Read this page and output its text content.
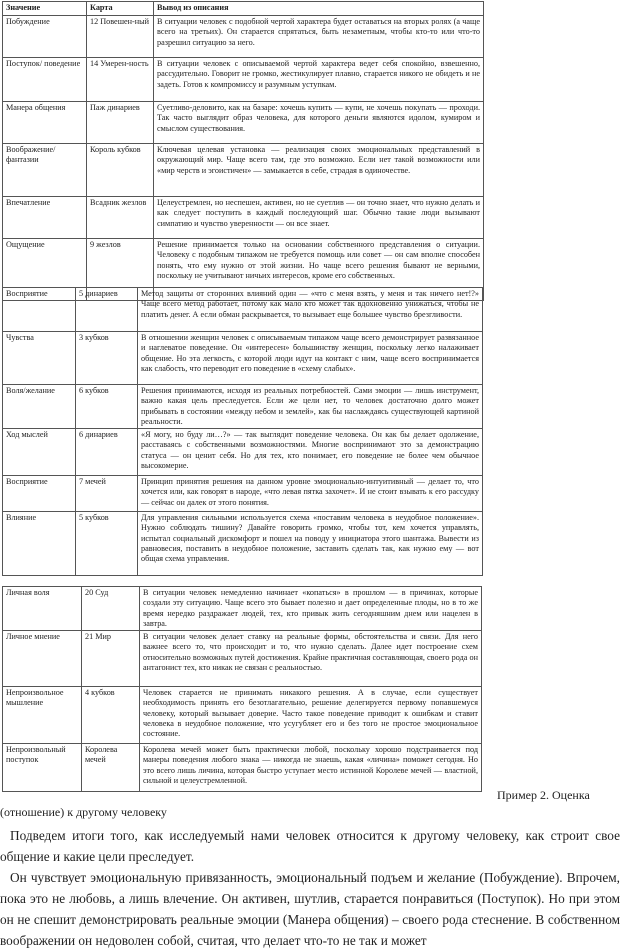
Значение	Карта	Вывод из описания
Побуждение	12 Повешен-ный	В ситуации человек с подобной чертой характера будет оставаться на вторых ролях (а чаще всего на третьих). Он старается спрятаться, быть незаметным, чтобы кто-то или что-то разрешил ситуацию за него.
Поступок/ поведение	14 Умерен-ность	В ситуации человек с описываемой чертой характера ведет себя спокойно, взвешенно, рассудительно. Говорит не громко, жестикулирует плавно, старается никого не обидеть и не задеть. Готов к компромиссу и разумным уступкам.
Манера общения	Паж динариев	Суетливо-деловито, как на базаре: хочешь купить — купи, не хочешь покупать — проходи. Так часто выглядит образ человека, для которого деньги являются идолом, кумиром и смыслом существования.
Воображение/ фантазии	Король кубков	Ключевая целевая установка — реализация своих эмоциональных представлений в окружающий мир. Чаще всего там, где это возможно. Если нет такой возможности или «мир черств и эгоистичен» — замыкается в себе, страдая в одиночестве.
Впечатление	Всадник жезлов	Целеустремлен, но неспешен, активен, но не суетлив — он точно знает, что нужно делать и как следует поступить в каждый последующий шаг. Обычно такие люди вызывают симпатию и чувство уверенности — он все знает.
Ощущение	9 жезлов	Решение принимается только на основании собственного представления о ситуации. Человеку с подобным типажом не требуется помощь или совет — он сам вполне способен понять, что ему нужно от этой жизни. Но чаще всего решения бывают не верными, поскольку не учитывают ничьих интересов, кроме его собственных.
Восприятие	5 динариев	Метод защиты от сторонних влияний один — «что с меня взять, у меня и так ничего нет!?» Чаще всего метод работает, потому как мало кто может так вдохновенно унижаться, чтобы не платить денег. А если обман раскрывается, то вызывает еще большее чувство брезгливости.
Чувства	3 кубков	В отношении женщин человек с описываемым типажом чаще всего демонстрирует развязанное и наглеватое поведение. Он «интересен» большинству женщин, поскольку легко налаживает общение. Но эта легкость, с которой люди идут на контакт с ним, чаще всего воспринимается как слабость, что переводит его поведение в «схему слабых».
Воля/желание	6 кубков	Решения принимаются, исходя из реальных потребностей. Сами эмоции — лишь инструмент, важно какая цель преследуется. Если же цели нет, то человек достаточно долго может прибывать в состоянии «между небом и землей», как бы наслаждаясь существующей картиной реальности.
Ход мыслей	6 динариев	«Я могу, но буду ли…?» — так выглядит поведение человека. Он как бы делает одолжение, расставаясь с собственными возможностями. Многие воспринимают это за демонстрацию статуса — он ценит себя. Но для тех, кто понимает, его поведение не более чем обычное высокомерие.
Восприятие	7 мечей	Принцип принятия решения на данном уровне эмоционально-интуитивный — делает то, что хочется или, как говорят в народе, «что левая пятка захочет». И не стоит взывать к его рассудку — сейчас он далек от этого понятия.
Влияние	5 кубков	Для управления сильными используется схема «поставим человека в неудобное положение». Нужно соблюдать тишину? Давайте говорить громко, чтобы тот, кем хочется управлять, испытал социальный дискомфорт и пошел на поводу у инициатора этого шантажа. Вывести из равновесия, поставить в неудобное положение, заставить сделать так, как нужно ему — вот общая схема управления.
Личная воля	20 Суд	В ситуации человек немедленно начинает «копаться» в прошлом — в причинах, которые создали эту ситуацию. Чаще всего это бывает полезно и дает определенные плоды, но в то же время нередко раздражает людей, тех, кто привык жить сегодняшним днем или нацелен в завтра.
Личное мнение	21 Мир	В ситуации человек делает ставку на реальные формы, обстоятельства и связи. Для него важнее всего то, что происходит и то, что нужно сделать. Далее идет построение схем относительно возможных путей достижения. Крайне практичная составляющая, своего рода он антагонист тех, кто никак не связан с реальностью.
Непроизвольное мышление	4 кубков	Человек старается не принимать никакого решения. А в случае, если существует необходимость принять его безотлагательно, решение делегируется первому попавшемуся человеку, который вызывает доверие. Часто такое поведение приводит к ошибкам и ставит человека в неудобное положение, что усугубляет его и без того не простое эмоциональное состояние.
Непроизвольный поступок	Королева мечей	Королева мечей может быть практически любой, поскольку хорошо подстраивается под манеры поведения любого знака — никогда не знаешь, какая «личина» поможет сегодня. Но это всего лишь личина, которая быстро уступает место истинной Королеве мечей — властной, сильной и целеустремленной.
Пример 2. Оценка
(отношение) к другому человеку

Подведем итоги того, как исследуемый нами человек относится к другому человеку, как строит свое общение и какие цели преследует.

Он чувствует эмоциональную привязанность, эмоциональный подъем и желание (Побуждение). Впрочем, пока это не любовь, а лишь влечение. Он активен, шутлив, старается понравиться (Поступок). Но при этом он не спешит демонстрировать реальные эмоции (Манера общения) – своего рода стеснение. В собственном воображении он недоволен собой, считая, что делает что-то не так и может
